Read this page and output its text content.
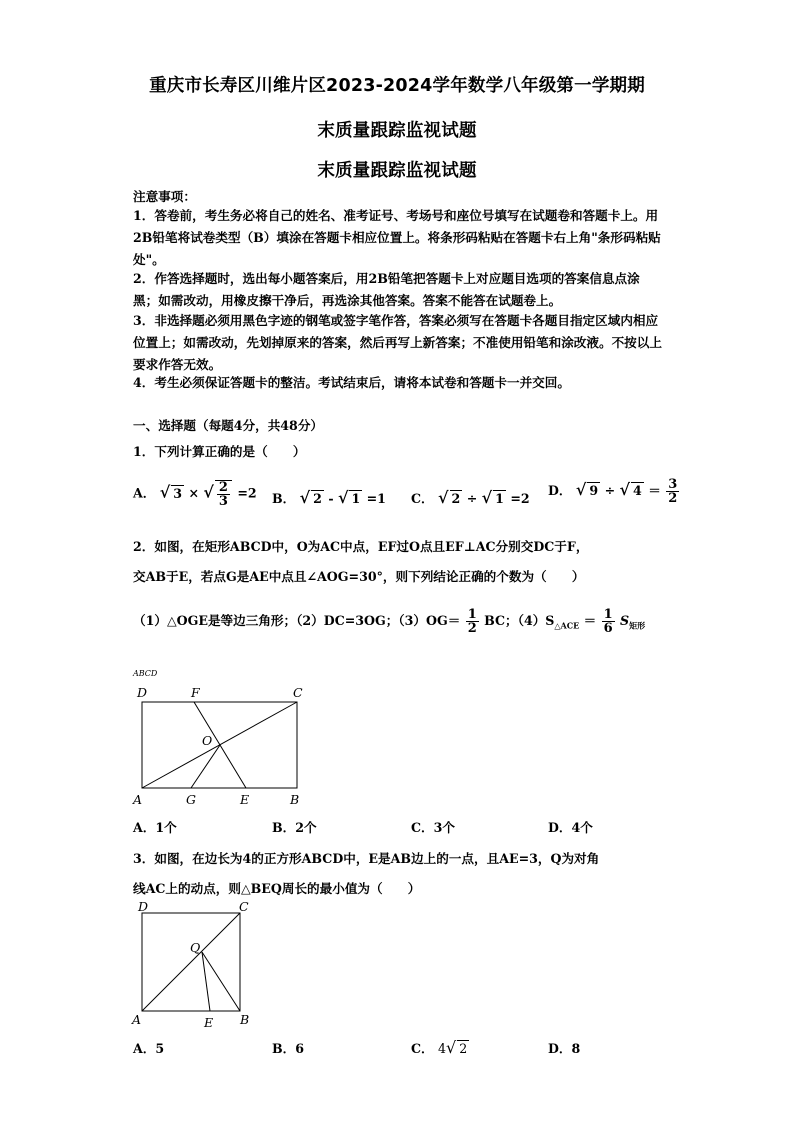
重庆市长寿区川维片区2023-2024学年数学八年级第一学期期
末质量跟踪监视试题
末质量跟踪监视试题
注意事项：
1．答卷前，考生务必将自己的姓名、准考证号、考场号和座位号填写在试题卷和答题卡上。用2B铅笔将试卷类型（B）填涂在答题卡相应位置上。将条形码粘贴在答题卡右上角"条形码粘贴处"。
2．作答选择题时，选出每小题答案后，用2B铅笔把答题卡上对应题目选项的答案信息点涂黑；如需改动，用橡皮擦干净后，再选涂其他答案。答案不能答在试题卷上。
3．非选择题必须用黑色字迹的钢笔或签字笔作答，答案必须写在答题卡各题目指定区域内相应位置上；如需改动，先划掉原来的答案，然后再写上新答案；不准使用铅笔和涂改液。不按以上要求作答无效。
4．考生必须保证答题卡的整洁。考试结束后，请将本试卷和答题卡一并交回。
一、选择题（每题4分，共48分）
1．下列计算正确的是（　　）
A． √ 3 × √ $\frac{2}{3} =2$ B． √ 2 - √ 1 =1 C． √ 2 ÷ √ 1 =2
D． √ 9 ÷ √ $4 = \frac{3}{2}$
2．如图，在矩形ABCD中，O为AC中点，EF过O点且EF⊥AC分别交DC于F，
交AB于E，若点G是AE中点且∠AOG=30°，则下列结论正确的个数为（　　）
（1）△OGE是等边三角形；（2）DC=3OG；$(3)OG= \frac{1}{2}$ BC；$(4)S_{\triangle ACE} = \frac{1}{6} S_{矩形}$
ABCD
D	F	C
O
A	G	E	B
A．1个	B．2个	C．3个	D．4个
3．如图，在边长为4的正方形ABCD中，E是AB边上的一点，且AE=3，Q为对角
线AC上的动点，则△BEQ周长的最小值为（　　）
D	C
Q
A	E B
A．5	B．6	C． 4√ 2	D．8
